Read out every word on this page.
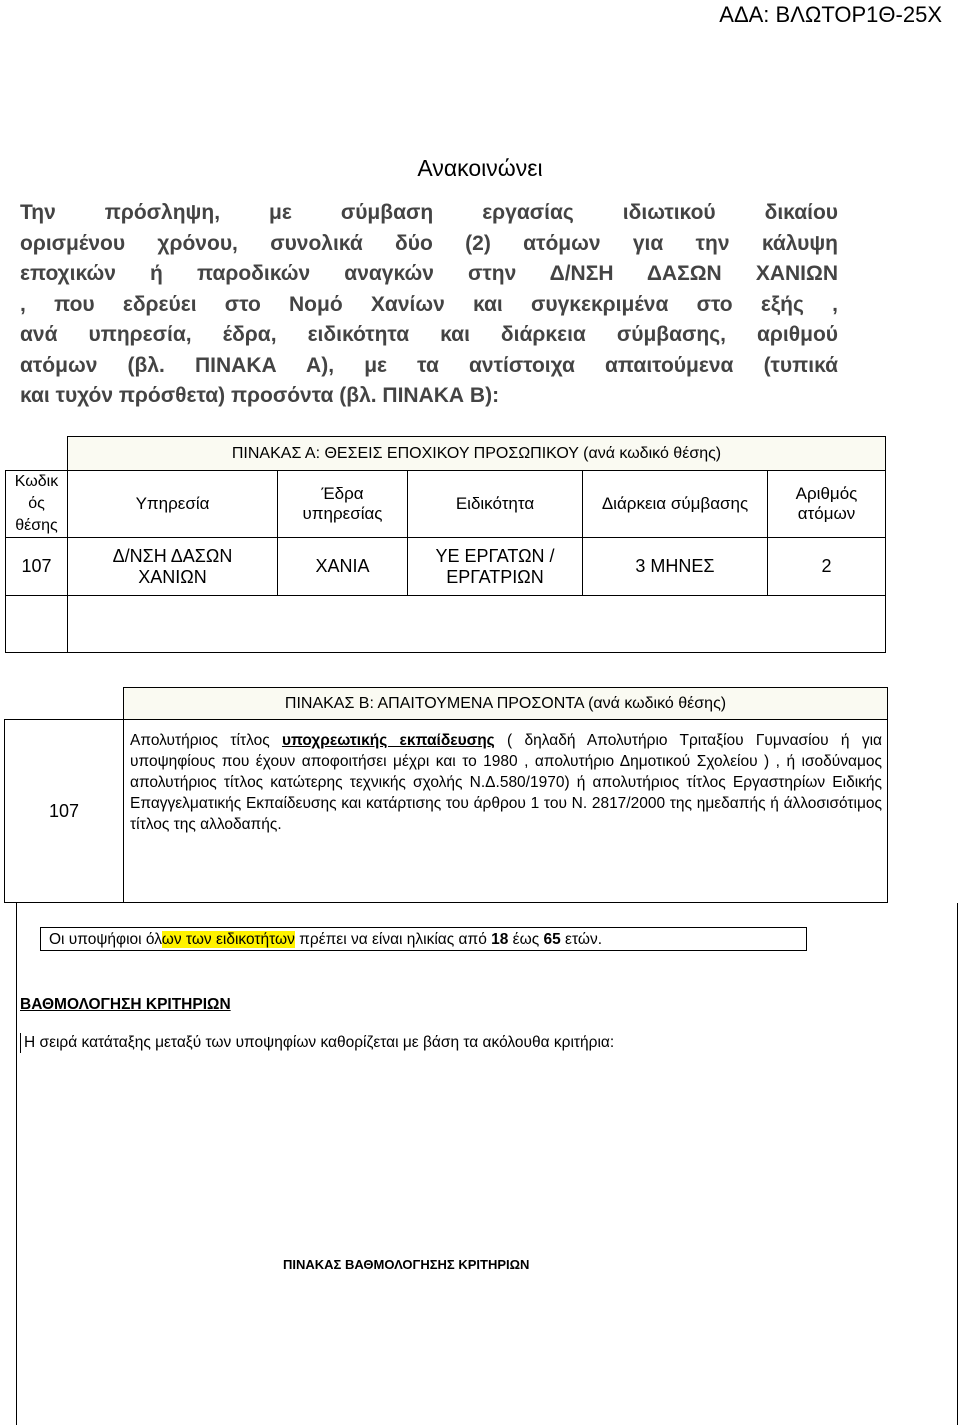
ΑΔΑ: ΒΛΩΤΟΡ1Θ-25Χ
Ανακοινώνει
Την πρόσληψη, με σύμβαση εργασίας ιδιωτικού δικαίου
ορισμένου χρόνου, συνολικά δύο (2) ατόμων για την κάλυψη
εποχικών ή παροδικών αναγκών στην Δ/ΝΣΗ ΔΑΣΩΝ ΧΑΝΙΩΝ
, που εδρεύει στο Νομό Χανίων και συγκεκριμένα στο εξής ,
ανά υπηρεσία, έδρα, ειδικότητα και διάρκεια σύμβασης, αριθμού
ατόμων (βλ. ΠΙΝΑΚΑ Α), με τα αντίστοιχα απαιτούμενα (τυπικά
και τυχόν πρόσθετα) προσόντα (βλ. ΠΙΝΑΚΑ Β):
	ΠΙΝΑΚΑΣ Α: ΘΕΣΕΙΣ ΕΠΟΧΙΚΟΥ ΠΡΟΣΩΠΙΚΟΥ (ανά κωδικό θέσης)				
Κωδικ
ός
θέσης	Υπηρεσία	Έδρα
υπηρεσίας	Ειδικότητα	Διάρκεια σύμβασης	Αριθμός
ατόμων
107	Δ/ΝΣΗ ΔΑΣΩΝ
ΧΑΝΙΩΝ	ΧΑΝΙΑ	ΥΕ ΕΡΓΑΤΩΝ /
ΕΡΓΑΤΡΙΩΝ	3 ΜΗΝΕΣ	2

	ΠΙΝΑΚΑΣ Β: ΑΠΑΙΤΟΥΜΕΝΑ ΠΡΟΣΟΝΤΑ (ανά κωδικό θέσης)
107	Απολυτήριος τίτλος υποχρεωτικής εκπαίδευσης ( δηλαδή Απολυτήριο Τριταξίου Γυμνασίου ή για υποψηφίους που έχουν αποφοιτήσει μέχρι και το 1980 , απολυτήριο Δημοτικού Σχολείου ) , ή ισοδύναμος απολυτήριος τίτλος κατώτερης τεχνικής σχολής Ν.Δ.580/1970) ή απολυτήριος τίτλος Εργαστηρίων Ειδικής Επαγγελματικής Εκπαίδευσης και κατάρτισης του άρθρου 1 του Ν. 2817/2000 της ημεδαπής ή άλλοσισότιμος τίτλος της αλλοδαπής.
Οι υποψήφιοι όλων των ειδικοτήτων πρέπει να είναι ηλικίας από 18 έως 65 ετών.
ΒΑΘΜΟΛΟΓΗΣΗ ΚΡΙΤΗΡΙΩΝ
Η σειρά κατάταξης μεταξύ των υποψηφίων καθορίζεται με βάση τα ακόλουθα κριτήρια:
ΠΙΝΑΚΑΣ ΒΑΘΜΟΛΟΓΗΣΗΣ ΚΡΙΤΗΡΙΩΝ
